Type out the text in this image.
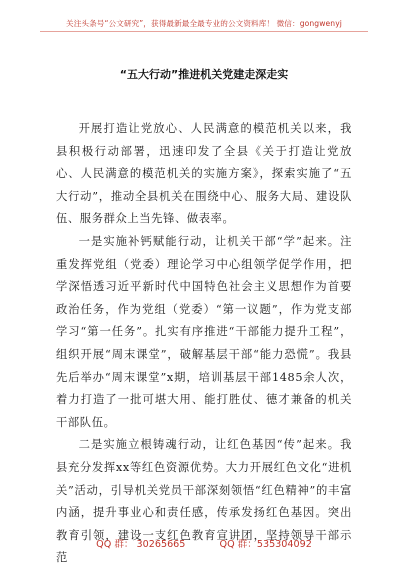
关注头条号“公文研究”，获得最新最全最专业的公文资料库！ 微信：gongwenyj
“五大行动”推进机关党建走深走实

开展打造让党放心、人民满意的模范机关以来，我县积极行动部署，迅速印发了全县《关于打造让党放心、人民满意的模范机关的实施方案》，探索实施了“五大行动”，推动全县机关在围绕中心、服务大局、建设队伍、服务群众上当先锋、做表率。

一是实施补钙赋能行动，让机关干部“学”起来。注重发挥党组（党委）理论学习中心组领学促学作用，把学深悟透习近平新时代中国特色社会主义思想作为首要政治任务，作为党组（党委）“第一议题”，作为党支部学习“第一任务”。扎实有序推进“干部能力提升工程”，组织开展“周末课堂”，破解基层干部“能力恐慌”。我县先后举办“周末课堂”x期，培训基层干部1485余人次，着力打造了一批可堪大用、能打胜仗、德才兼备的机关干部队伍。

二是实施立根铸魂行动，让红色基因“传”起来。我县充分发挥xx等红色资源优势。大力开展红色文化“进机关”活动，引导机关党员干部深刻领悟“红色精神”的丰富内涵，提升事业心和责任感，传承发扬红色基因。突出教育引领，建设一支红色教育宣讲团，坚持领导干部示范

QQ 群： 30265665	QQ 群：535304092
